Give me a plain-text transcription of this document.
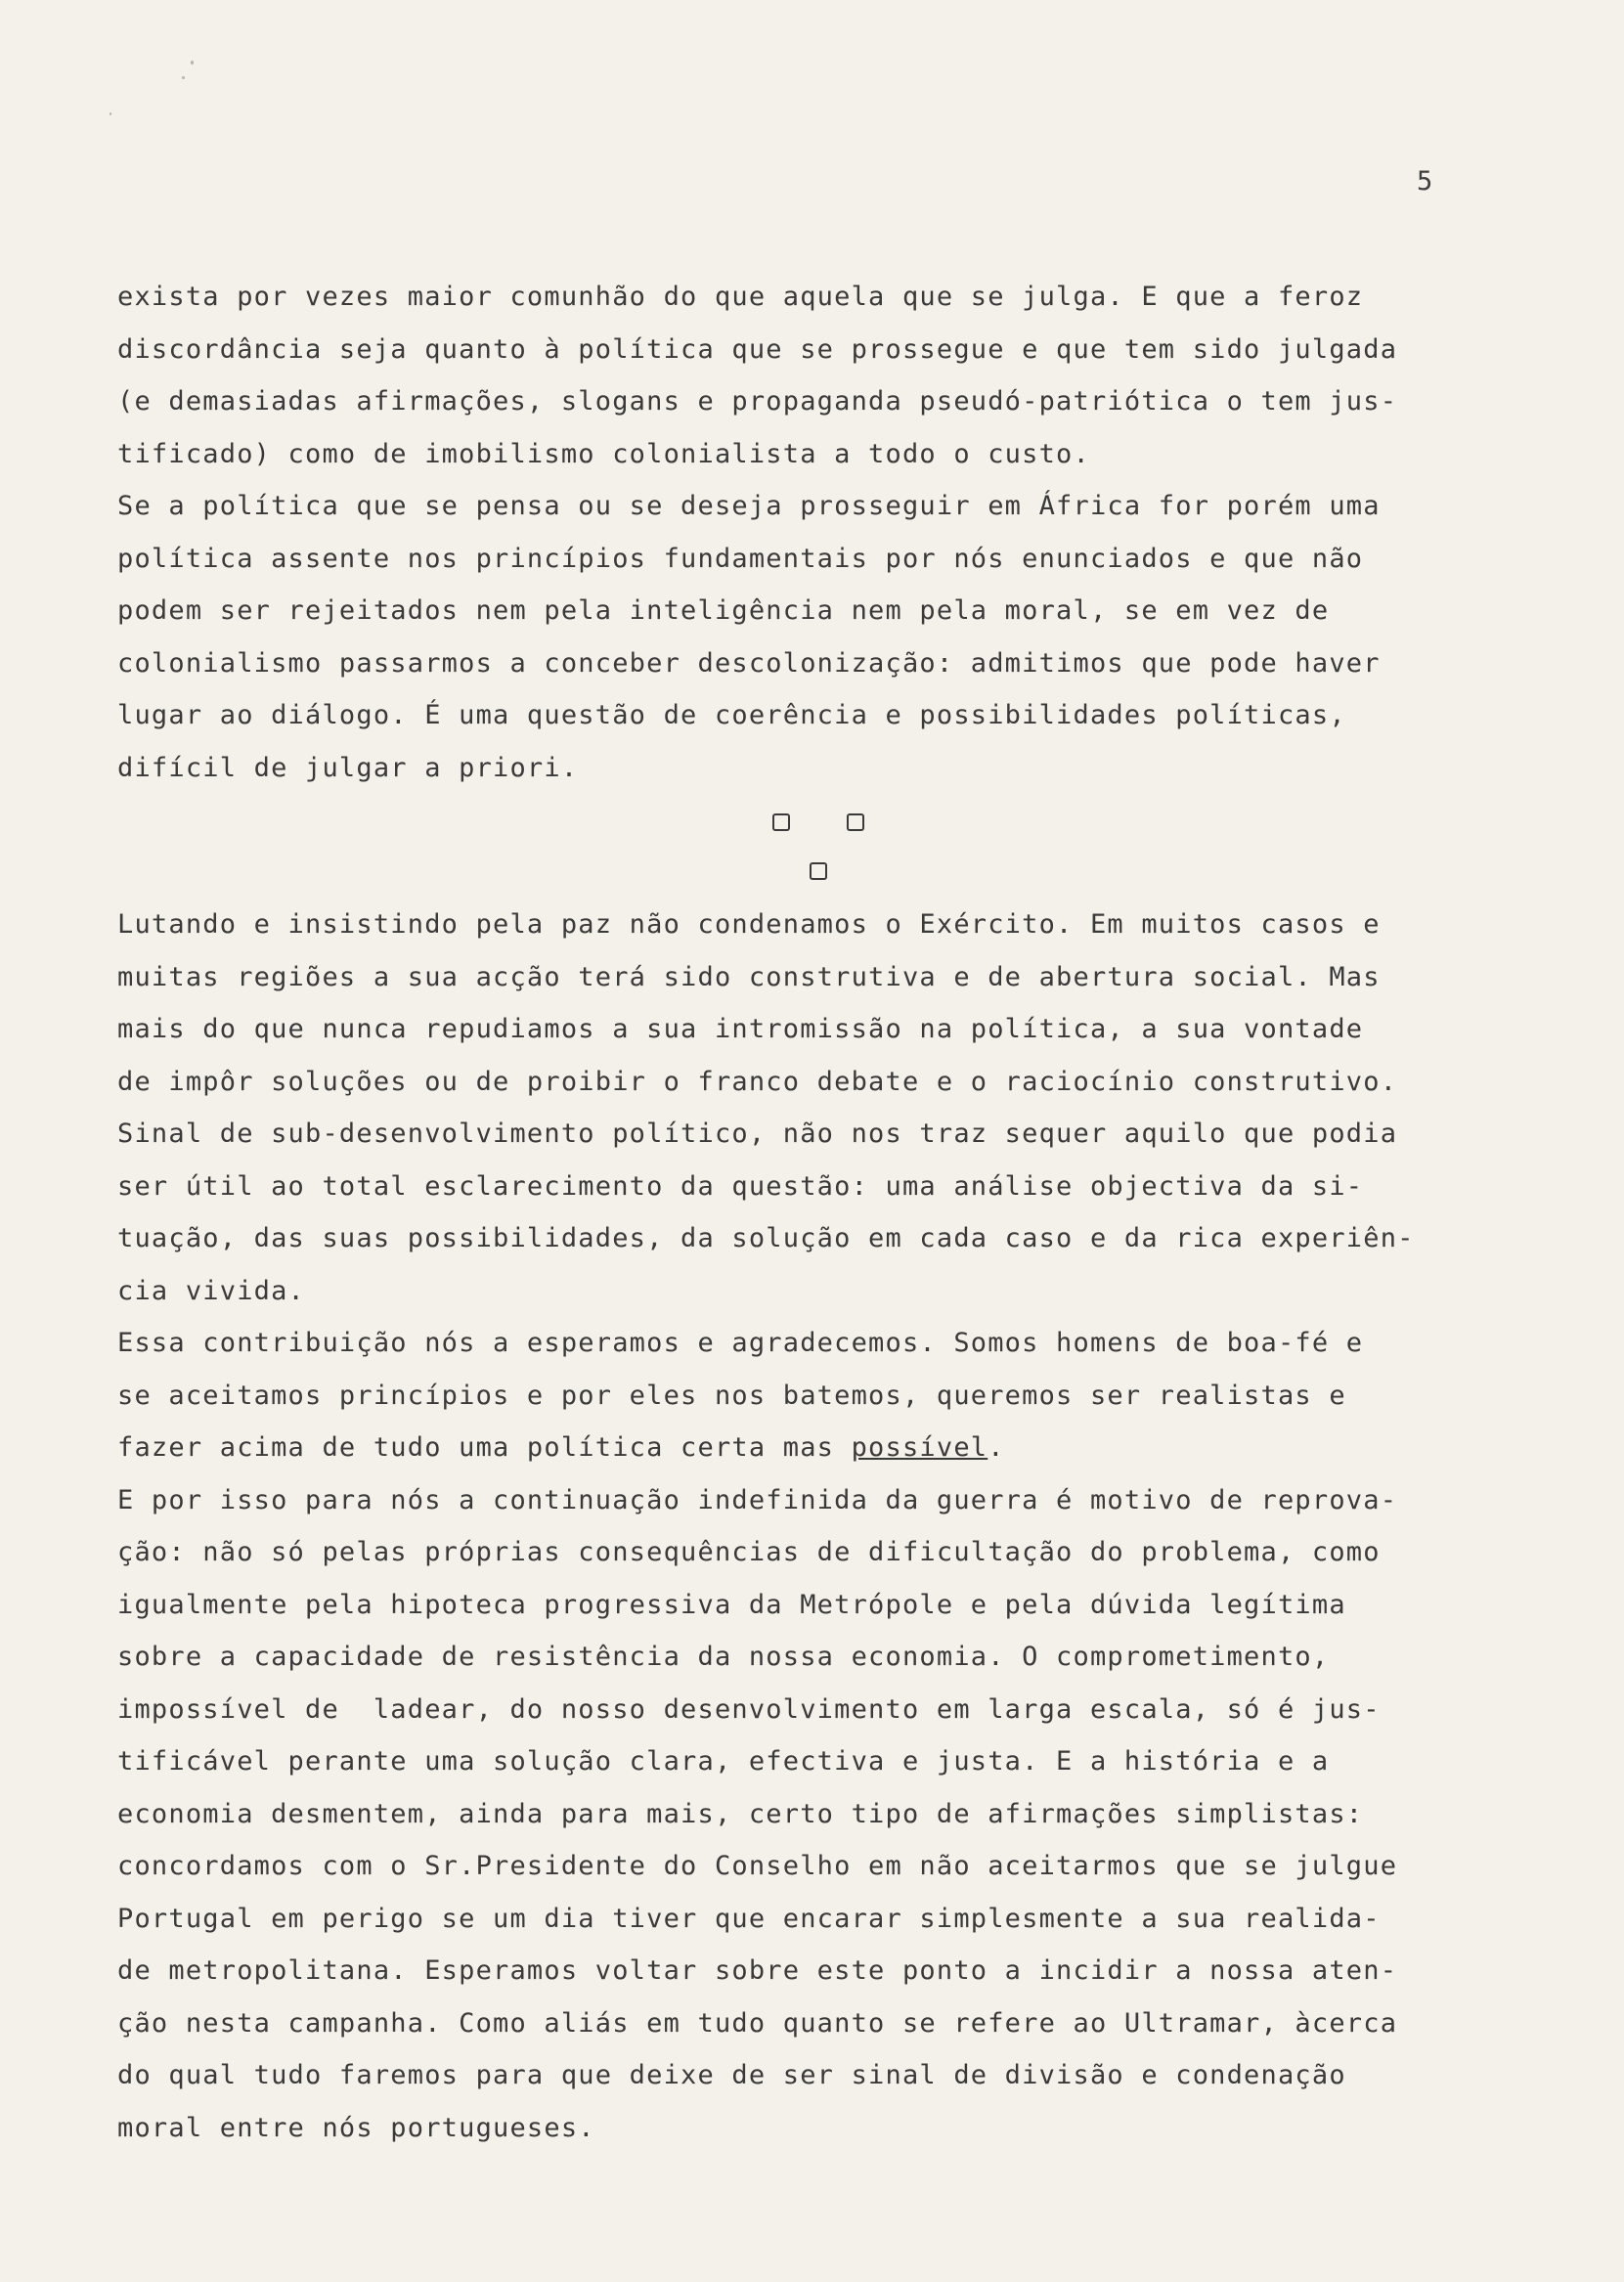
5
exista por vezes maior comunhão do que aquela que se julga. E que a feroz
discordância seja quanto à política que se prossegue e que tem sido julgada
(e demasiadas afirmações, slogans e propaganda pseudó-patriótica o tem jus-
tificado) como de imobilismo colonialista a todo o custo.
Se a política que se pensa ou se deseja prosseguir em África for porém uma
política assente nos princípios fundamentais por nós enunciados e que não
podem ser rejeitados nem pela inteligência nem pela moral, se em vez de
colonialismo passarmos a conceber descolonização: admitimos que pode haver
lugar ao diálogo. É uma questão de coerência e possibilidades políticas,
difícil de julgar a priori.
Lutando e insistindo pela paz não condenamos o Exército. Em muitos casos e
muitas regiões a sua acção terá sido construtiva e de abertura social. Mas
mais do que nunca repudiamos a sua intromissão na política, a sua vontade
de impôr soluções ou de proibir o franco debate e o raciocínio construtivo.
Sinal de sub-desenvolvimento político, não nos traz sequer aquilo que podia
ser útil ao total esclarecimento da questão: uma análise objectiva da si-
tuação, das suas possibilidades, da solução em cada caso e da rica experiên-
cia vivida.
Essa contribuição nós a esperamos e agradecemos. Somos homens de boa-fé e
se aceitamos princípios e por eles nos batemos, queremos ser realistas e
fazer acima de tudo uma política certa mas possível.
E por isso para nós a continuação indefinida da guerra é motivo de reprova-
ção: não só pelas próprias consequências de dificultação do problema, como
igualmente pela hipoteca progressiva da Metrópole e pela dúvida legítima
sobre a capacidade de resistência da nossa economia. O comprometimento,
impossível de  ladear, do nosso desenvolvimento em larga escala, só é jus-
tificável perante uma solução clara, efectiva e justa. E a história e a
economia desmentem, ainda para mais, certo tipo de afirmações simplistas:
concordamos com o Sr.Presidente do Conselho em não aceitarmos que se julgue
Portugal em perigo se um dia tiver que encarar simplesmente a sua realida-
de metropolitana. Esperamos voltar sobre este ponto a incidir a nossa aten-
ção nesta campanha. Como aliás em tudo quanto se refere ao Ultramar, àcerca
do qual tudo faremos para que deixe de ser sinal de divisão e condenação
moral entre nós portugueses.
